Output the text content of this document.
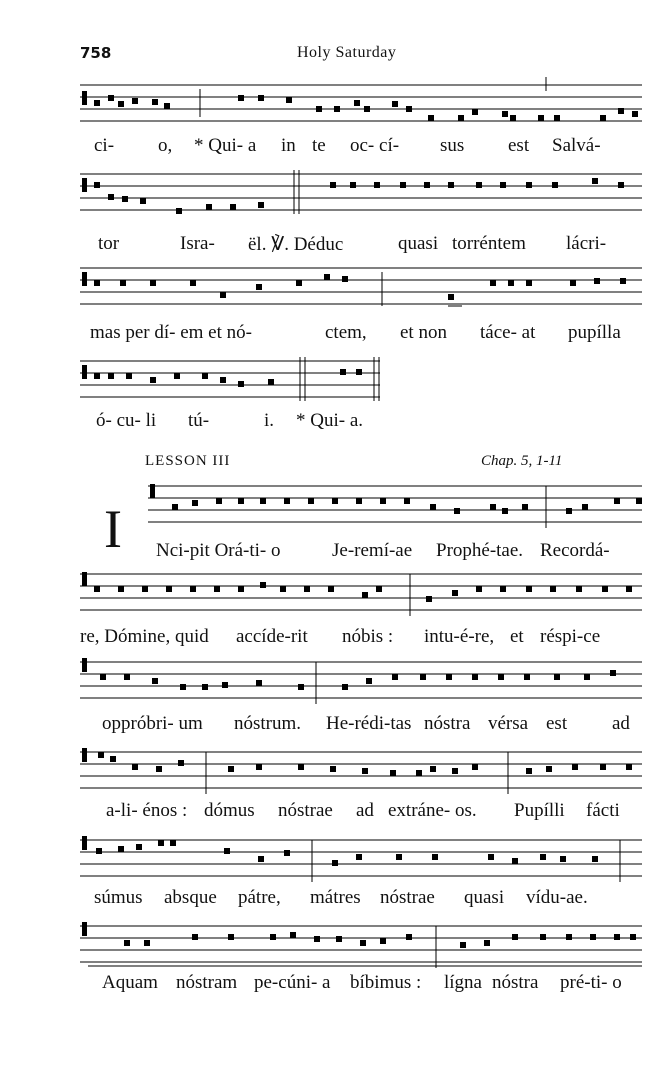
758	Holy Saturday
ci- o, * Qui- a in te oc- cí- sus est Salvá-
tor	Isra- ël. ℣. Déduc	quasi torréntem lácri-
mas per dí- em et nó-	ctem, et non táce- at pupílla
ó- cu- li tú-	i. * Qui- a.
LESSON III	Chap. 5, 1-11
I Nci-pit Orá-ti- o	Je-remí-ae Prophé-tae. Recordá-
re, Dómine, quid accíde-rit nóbis : intu-é-re, et réspi-ce
oppróbri- um nóstrum. He-rédi-tas nóstra vérsa est ad
a-li- énos : dómus nóstrae ad extráne- os. Pupílli fácti
súmus absque pátre, mátres nóstrae quasi vídu-ae.
Aquam nóstram pe-cúni- a bíbimus : lígna nóstra pré-ti- o
